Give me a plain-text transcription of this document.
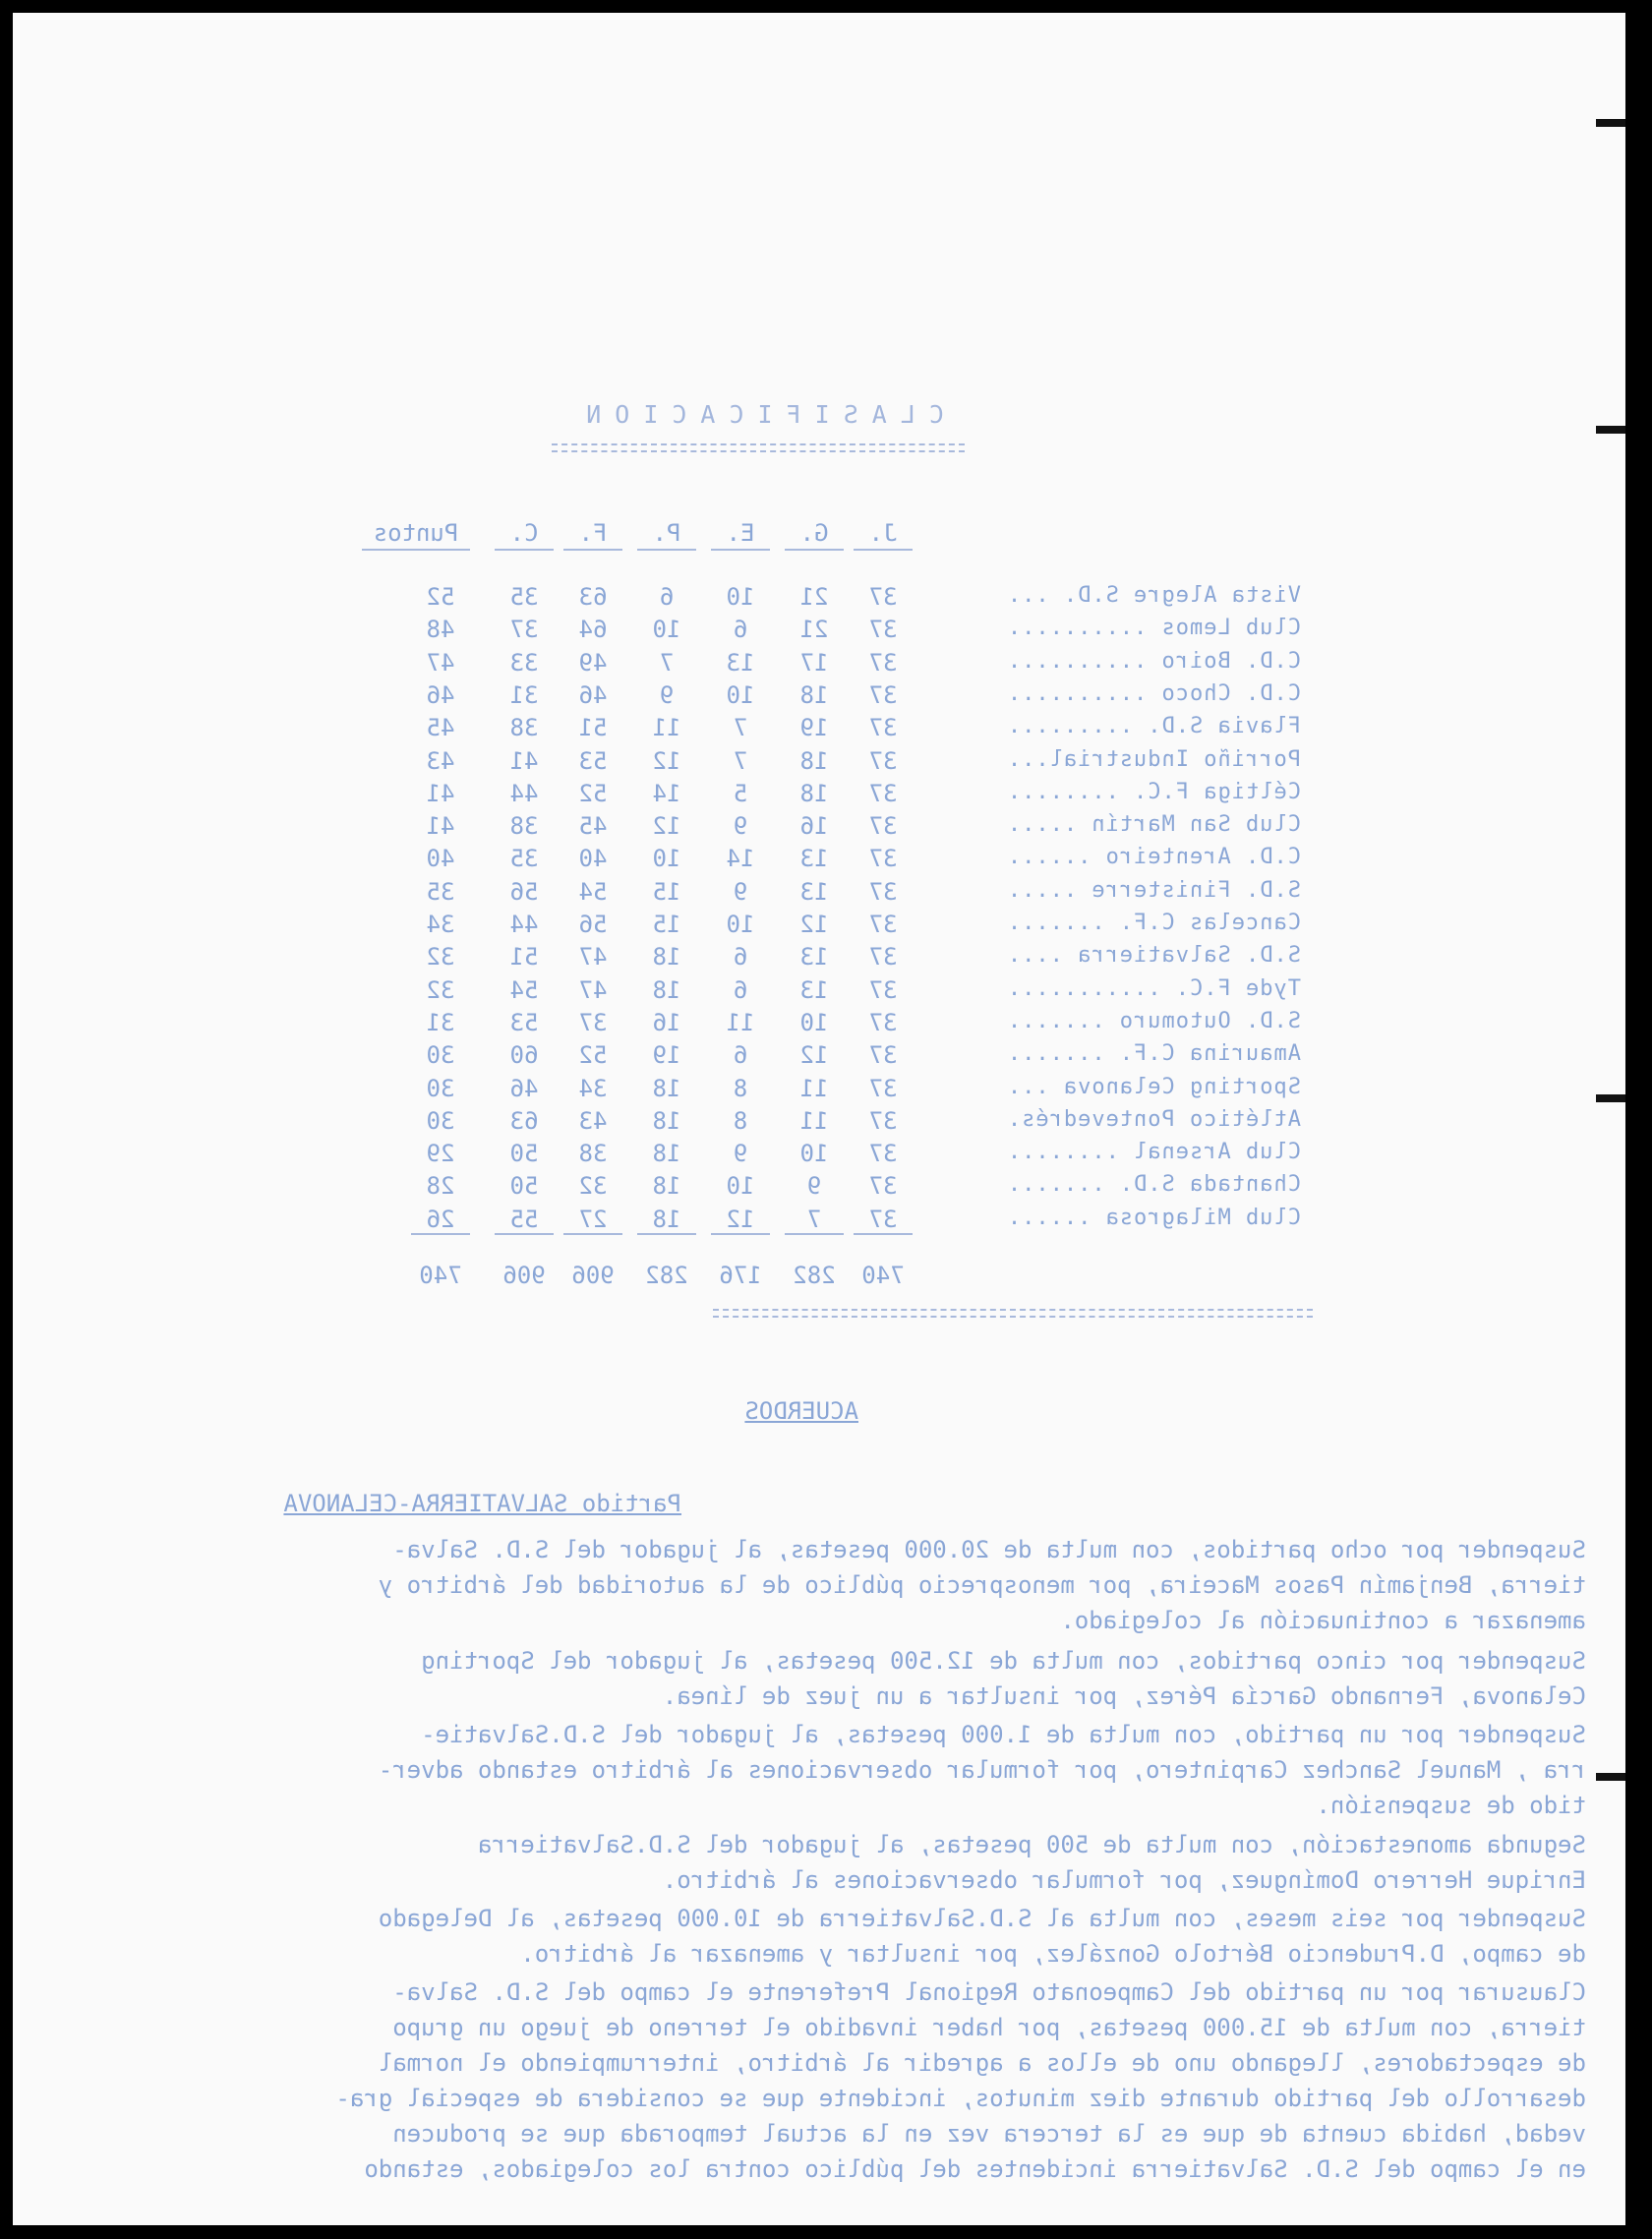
CLASIFICACION
J.
G.
E.
P.
F.
C.
Puntos
Vista Alegre S.D. ...
37
21
10
6
63
35
52
Club Lemos ..........
37
21
6
10
64
37
48
C.D. Boiro ..........
37
17
13
7
49
33
47
C.D. Choco ..........
37
18
10
9
46
31
46
Flavia S.D. .........
37
19
7
11
51
38
45
Porriño Industrial...
37
18
7
12
53
41
43
Céltiga F.C. ........
37
18
5
14
52
44
41
Club San Martín .....
37
16
9
12
45
38
41
C.D. Arenteiro ......
37
13
14
10
40
35
40
S.D. Finisterre .....
37
13
9
15
54
56
35
Cancelas C.F. .......
37
12
10
15
56
44
34
S.D. Salvatierra ....
37
13
6
18
47
51
32
Tyde F.C. ...........
37
13
6
18
47
54
32
S.D. Outomuro .......
37
10
11
16
37
53
31
Amaurina C.F. .......
37
12
6
19
52
60
30
Sporting Celanova ...
37
11
8
18
34
46
30
Atlético Pontevedrés.
37
11
8
18
43
63
30
Club Arsenal ........
37
10
9
18
38
50
29
Chantada S.D. .......
37
9
10
18
32
50
28
Club Milagrosa ......
37
7
12
18
27
55
26
740
282
176
282
906
906
740
ACUERDOS
Partido SALVATIERRA-CELANOVA
Suspender por ocho partidos, con multa de 20.000 pesetas, al jugador del S.D. Salva-
tierra, Benjamín Pasos Maceira, por menosprecio público de la autoridad del árbitro y
amenazar a continuación al colegiado.
Suspender por cinco partidos, con multa de 12.500 pesetas, al jugador del Sporting
Celanova, Fernando García Pérez, por insultar a un juez de línea.
Suspender por un partido, con multa de 1.000 pesetas, al jugador del S.D.Salvatie-
rra , Manuel Sanchez Carpintero, por formular observaciones al árbitro estando adver-
tido de suspensión.
Segunda amonestación, con multa de 500 pesetas, al jugador del S.D.Salvatierra
Enrique Herrero Domínguez, por formular observaciones al árbitro.
Suspender por seis meses, con multa al S.D.Salvatierra de 10.000 pesetas, al Delegado
de campo, D.Prudencio Bértolo González, por insultar y amenazar al árbitro.
Clausurar por un partido del Campeonato Regional Preferente el campo del S.D. Salva-
tierra, con multa de 15.000 pesetas, por haber invadido el terreno de juego un grupo
de espectadores, llegando uno de ellos a agredir al árbitro, interrumpiendo el normal
desarrollo del partido durante diez minutos, incidente que se considera de especial gra-
vedad, habida cuenta de que es la tercera vez en la actual temporada que se producen
en el campo del S.D. Salvatierra incidentes del público contra los colegiados, estando
